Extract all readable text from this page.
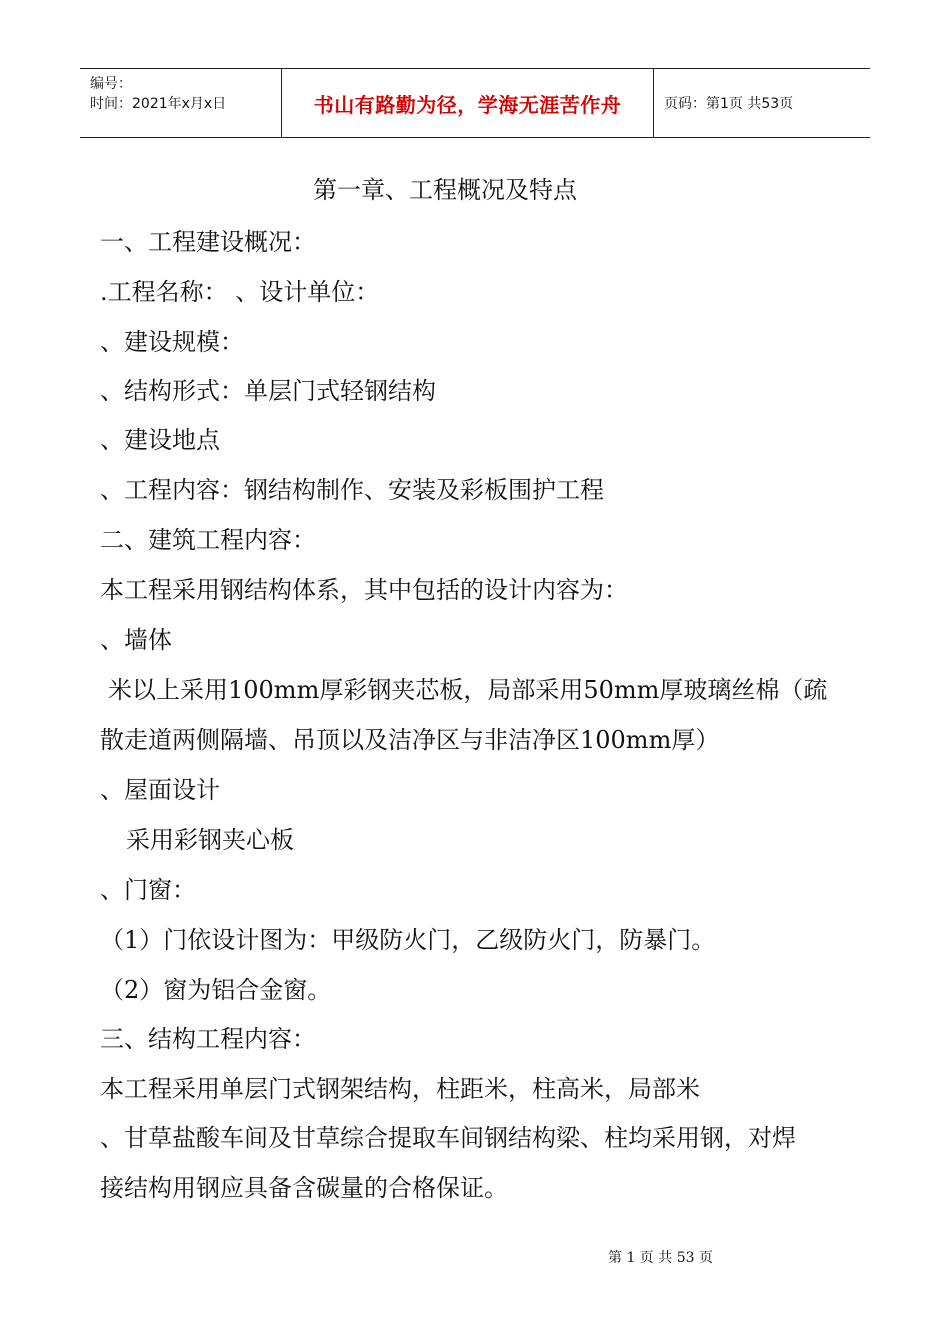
编号：
时间：2021年x月x日	书山有路勤为径，学海无涯苦作舟	页码：第1页 共53页
第一章、工程概况及特点
一、工程建设概况：
.工程名称： 、设计单位：
、建设规模：
、结构形式：单层门式轻钢结构
、建设地点
、工程内容：钢结构制作、安装及彩板围护工程
二、建筑工程内容：
本工程采用钢结构体系，其中包括的设计内容为：
、墙体
米以上采用100mm厚彩钢夹芯板，局部采用50mm厚玻璃丝棉（疏
散走道两侧隔墙、吊顶以及洁净区与非洁净区100mm厚）
、屋面设计
采用彩钢夹心板
、门窗：
（1）门依设计图为：甲级防火门，乙级防火门，防暴门。
（2）窗为铝合金窗。
三、结构工程内容：
本工程采用单层门式钢架结构，柱距米，柱高米，局部米
、甘草盐酸车间及甘草综合提取车间钢结构梁、柱均采用钢，对焊
接结构用钢应具备含碳量的合格保证。
第 1 页 共 53 页
